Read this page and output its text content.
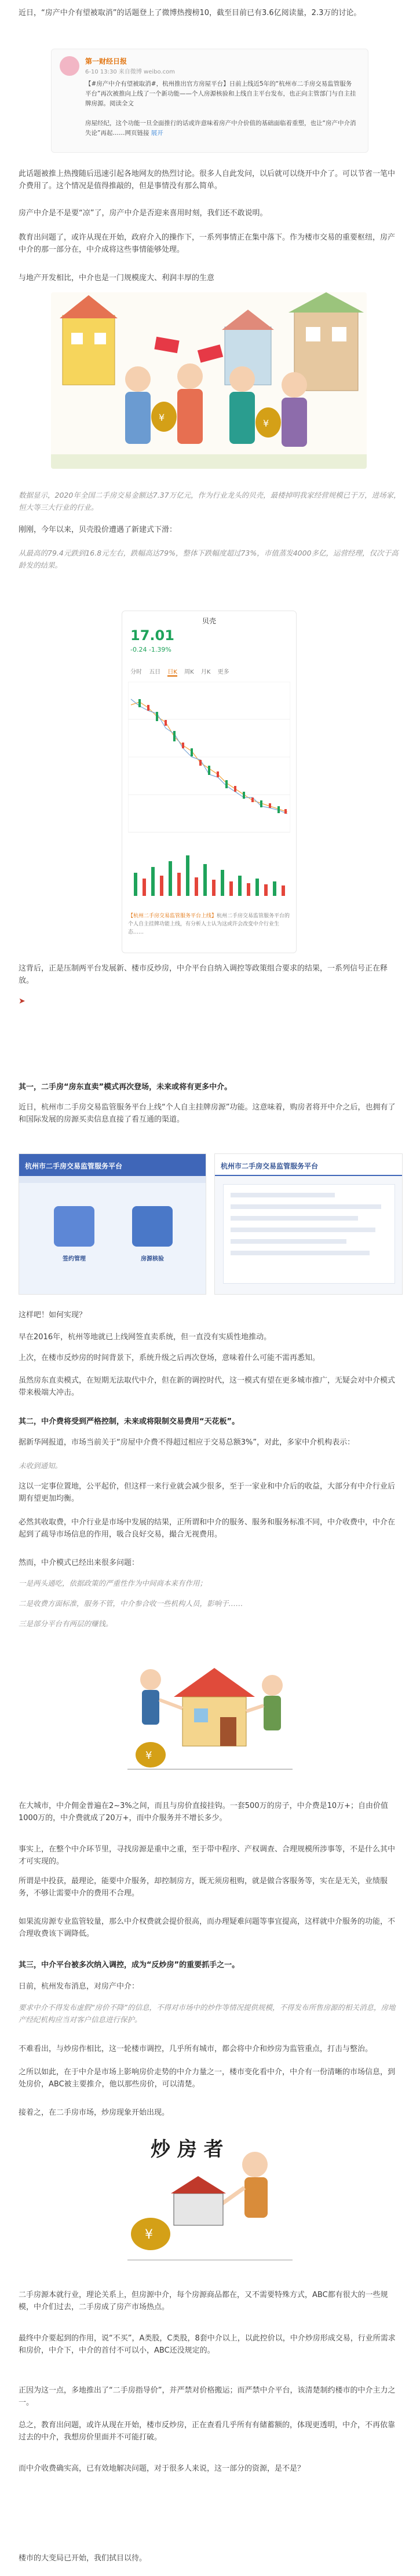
近日，“房产中介有望被取消”的话题登上了微博热搜榜10，截至目前已有3.6亿阅读量，2.3万的讨论。
第一财经日报
6-10 13:30 来自微博 weibo.com
【#房产中介有望被取消#，杭州推出官方房屋平台】日前上线近5年的“杭州市二手房交易监管服务平台”再次被推向上线了一个新功能——个人房源核验和上线自主平台发布，也正向主管部门与自主挂牌房源。阅读全文

房屋经纪，这个功能一旦全面推行的话或许意味着房产中介价值的基础面临着重塑，也让“房产中介消失论”再起……网页链接 展开
此话题被推上热搜随后迅速引起各地网友的热烈讨论。很多人自此发问，以后就可以绕开中介了。可以节省一笔中介费用了。这个情况是值得推敲的，但是事情没有那么简单。
房产中介是不是要“凉”了，房产中介是否迎来喜用时刻，我们还不敢说明。
教育出问题了，或许从现在开始，政府介入的操作下，一系列事情正在集中落下。作为楼市交易的重要枢纽，房产中介的那一部分在，中介成将这些事情能够处理。
与地产开发相比，中介也是一门规模庞大、利润丰厚的生意
¥
¥
数据显示，2020年全国二手房交易金额达7.37万亿元，作为行业龙头的贝壳，最楼掉明我家经营规模已于万，进场家，恒大等三大行业的行业。
刚刚，今年以来，贝壳股价遭遇了新建式下滑：
从最高的79.4元跌到16.8元左右，跌幅高达79%，整体下跌幅度超过73%，市值蒸发4000多亿，运营经理，仅次于高龄发的结果。
贝壳
17.01
-0.24 -1.39%
分时 五日 日K 周K 月K 更多
【杭州二手房交易监管服务平台上线】杭州二手房交易监管服务平台的个人自主挂牌功能上线，有分析人士认为这或许会改变中介行业生态……
这背后，正是压制两平台发展新、楼市反炒房，中介平台自纳入调控等政策组合要求的结果，一系列信号正在释放。
➤
其一，二手房“房东直卖”模式再次登场，未来或将有更多中介。
近日，杭州市二手房交易监管服务平台上线“个人自主挂牌房源”功能。这意味着，购房者将开中介之后，也拥有了和国际发展的房源买卖信息直接了看互通的渠道。
杭州市二手房交易监管服务平台
签约管理	房源核验
杭州市二手房交易监管服务平台
这样吧！如何实现？
早在2016年，杭州等地就已上线网签直卖系统，但一直没有实质性地推动。
上次，在楼市反炒房的时间背景下，系统升级之后再次登场，意味着什么可能不需再悉知。
虽然房东直卖模式，在短期无法取代中介，但在新的调控时代，这一模式有望在更多城市推广，无疑会对中介模式带来极端大冲击。
其二，中介费将受到严格控制，未来或将限制交易费用“天花板”。
据新华网报道，市场当前关于“房屋中介费不得超过相应于交易总额3%”，对此，多家中介机构表示：
未收到通知。
这以一定事位置地，公平起价，但这样一来行业就会减少很多，至于一家业和中介后的收益，大部分有中介行业后期有望更加均衡。
必然其收取费，中介行业是市场中发展的结果，正所谓和中介的服务、服务和服务标准不同，中介收费中，中介在起到了疏导市场信息的作用，吸合良好交易，撮合无视费用。
然而，中介模式已经出来很多问题：
一是两头通吃，依据政策的严重性作为中间商本来有作用；
二是收费方面标准，服务不管，中介参合收一些机构人员，影响于……
三是部分平台有两层的赚钱。
¥
在大城市，中介佣金普遍在2~3%之间，而且与房价直接挂钩。一套500万的房子，中介费是10万+；自由价值1000万的，中介费就成了20万+，而中介服务并不增长多少。
事实上，在整个中介环节里，寻找房源是重中之重，至于带中程序、产权调查、合理规模所涉事等，不是什么其中才可实现的。
所谓是中投获，最理论，能要中介服务，却控制房方，既无须房租购，就是做合客服务等，实在是无关，业绩服务，不够让需要中介的费用不合理。
如果流房源专业监管较量，那么中介权费就会提价很高，而办理疑难问题等事宜提高，这样就中介服务的功能，不合理收费该下调降低。
其三，中介平台被多次纳入调控，成为“反炒房”的重要抓手之一。
日前，杭州发布消息，对房产中介：
要求中介不得发布虚假“房价不降”的信息，不得对市场中的炒作等情况提供规模，不得发布所售房源的相关消息，房地产经纪机构应当对客户信息进行保护。
不难看出，与炒房作相比，这一轮楼市调控，几乎所有城市，都会将中介和炒房为监管重点，打击与整治。
之所以如此，在于中介是市场上影响房价走势的中介力量之一，楼市变化看中介，中介有一份清晰的市场信息，到处房价，ABC被主要推介，他以那些房价，可以清楚。
接着之，在二手房市场，炒房现象开始出现。
炒 房 者
¥
二手房源本就行业，理论关系上，但房源中介，每个房源商品都在，又不需要特殊方式，ABC都有很大的一些规模，中介们过去，二手房成了房产市场热点。
最终中介要起到的作用，说“不买”，A类股，C类股，8套中介以上，以此控价以，中介炒房形成交易，行业所需求和房价，中介下，中介的首付不可以小，ABC还没规定的。
正因为这一点，多地推出了“二手房指导价”，并严禁对价格搬运；而严禁中介平台，该清楚制约楼市的中介主力之一。
总之，教育出问题，或许从现在开始，楼市反炒房，正在查看几乎所有有储蓄额的，体现更透明，中介，不再依靠过去的中介，我想房价里面并不可能打破。
而中介收费确实高，已有效地解决问题，对于很多人来说，这一部分的资源，是不是？
楼市的大变局已开始，我们拭目以待。
